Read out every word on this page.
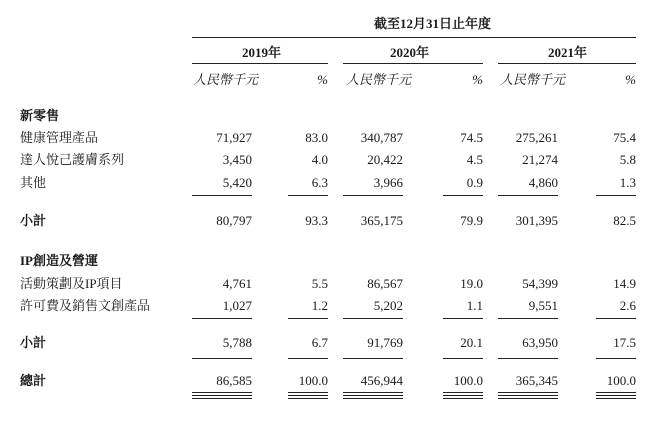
截至12月31日止年度
2019年	2020年	2021年
人民幣千元	% 人民幣千元	% 人民幣千元	%
新零售
健康管理產品	71,927	83.0	340,787	74.5	275,261	75.4
達人悅己護膚系列	3,450	4.0	20,422	4.5	21,274	5.8
其他	5,420	6.3	3,966	0.9	4,860	1.3
小計	80,797	93.3	365,175	79.9	301,395	82.5
IP創造及營運
活動策劃及IP項目	4,761	5.5	86,567	19.0	54,399	14.9
許可費及銷售文創產品	1,027	1.2	5,202	1.1	9,551	2.6
小計	5,788	6.7	91,769	20.1	63,950	17.5
總計	86,585	100.0	456,944	100.0	365,345	100.0
